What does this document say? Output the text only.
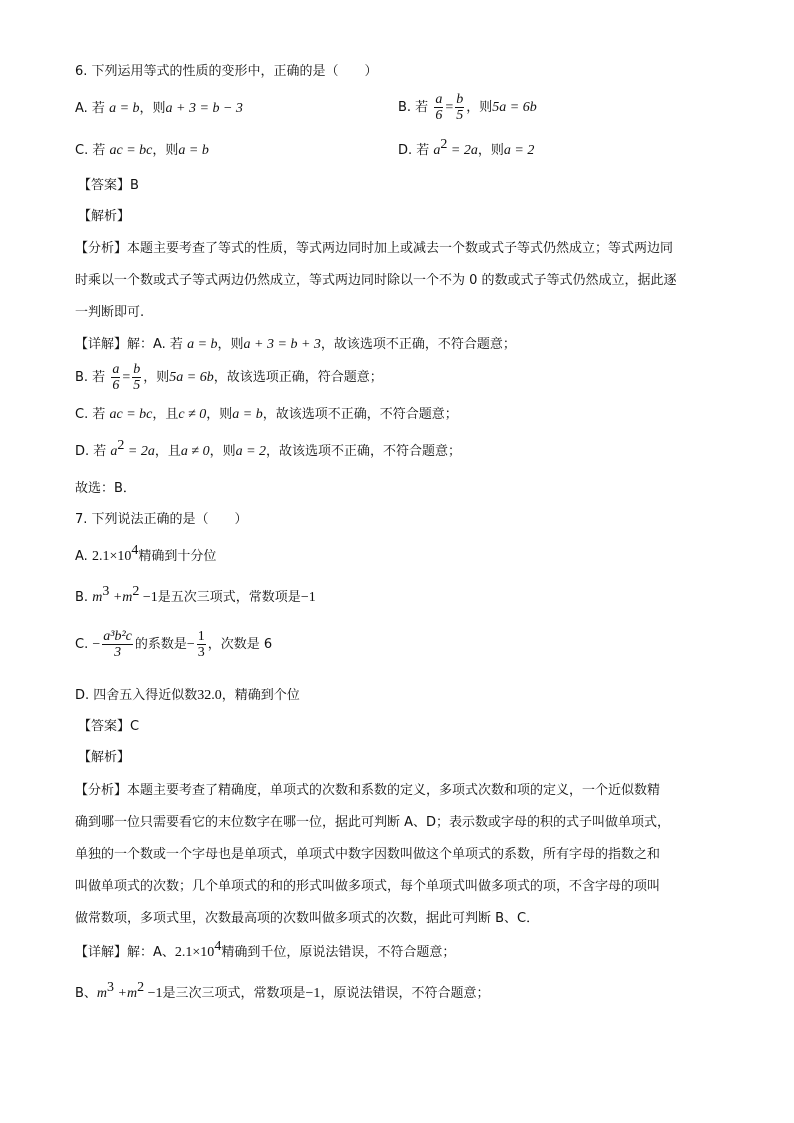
6. 下列运用等式的性质的变形中，正确的是（　　）
A. 若 a = b，则a + 3 = b − 3	B. 若 $\frac{a}{6} = \frac{b}{5}$ ，则5a = 6b
C. 若 ac = bc，则a = b	D. 若 $a^2 = 2a$，则a = 2
【答案】B
【解析】
【分析】本题主要考查了等式的性质，等式两边同时加上或减去一个数或式子等式仍然成立；等式两边同
时乘以一个数或式子等式两边仍然成立，等式两边同时除以一个不为 0 的数或式子等式仍然成立，据此逐
一判断即可.
【详解】解：A. 若 a = b，则a + 3 = b + 3，故该选项不正确，不符合题意；
B. 若 $\frac{a}{6} = \frac{b}{5}$ ，则5a = 6b，故该选项正确，符合题意；
C. 若 ac = bc，且c ≠ 0，则a = b，故该选项不正确，不符合题意；
D. 若 $a^2 = 2a$，且a ≠ 0，则a = 2，故该选项不正确，不符合题意；
故选：B．
7. 下列说法正确的是（　　）
A. $2.1\times 10^4$精确到十分位
B. $m^3 +m^2 -1$是五次三项式，常数项是−1
C. − $\frac{\text{a³b²c}}{3}$ 的系数是− $\frac{1}{3}$ ，次数是 6
D. 四舍五入得近似数32.0，精确到个位
【答案】C
【解析】
【分析】本题主要考查了精确度，单项式的次数和系数的定义，多项式次数和项的定义，一个近似数精
确到哪一位只需要看它的末位数字在哪一位，据此可判断 A、D；表示数或字母的积的式子叫做单项式，
单独的一个数或一个字母也是单项式，单项式中数字因数叫做这个单项式的系数，所有字母的指数之和
叫做单项式的次数；几个单项式的和的形式叫做多项式，每个单项式叫做多项式的项，不含字母的项叫
做常数项，多项式里，次数最高项的次数叫做多项式的次数，据此可判断 B、C．
【详解】解：A、$2.1\times 10^4$精确到千位，原说法错误，不符合题意；
B、$m^3 +m^2 -1$是三次三项式，常数项是−1，原说法错误，不符合题意；
